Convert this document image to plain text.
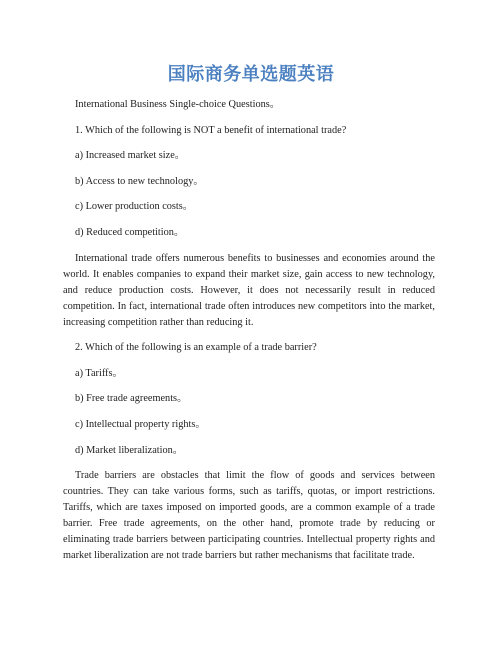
国际商务单选题英语

International Business Single-choice Questions。

1. Which of the following is NOT a benefit of international trade?

a) Increased market size。

b) Access to new technology。

c) Lower production costs。

d) Reduced competition。

International trade offers numerous benefits to businesses and economies around the world. It enables companies to expand their market size, gain access to new technology, and reduce production costs. However, it does not necessarily result in reduced competition. In fact, international trade often introduces new competitors into the market, increasing competition rather than reducing it.

2. Which of the following is an example of a trade barrier?

a) Tariffs。

b) Free trade agreements。

c) Intellectual property rights。

d) Market liberalization。

Trade barriers are obstacles that limit the flow of goods and services between countries. They can take various forms, such as tariffs, quotas, or import restrictions. Tariffs, which are taxes imposed on imported goods, are a common example of a trade barrier. Free trade agreements, on the other hand, promote trade by reducing or eliminating trade barriers between participating countries. Intellectual property rights and market liberalization are not trade barriers but rather mechanisms that facilitate trade.
